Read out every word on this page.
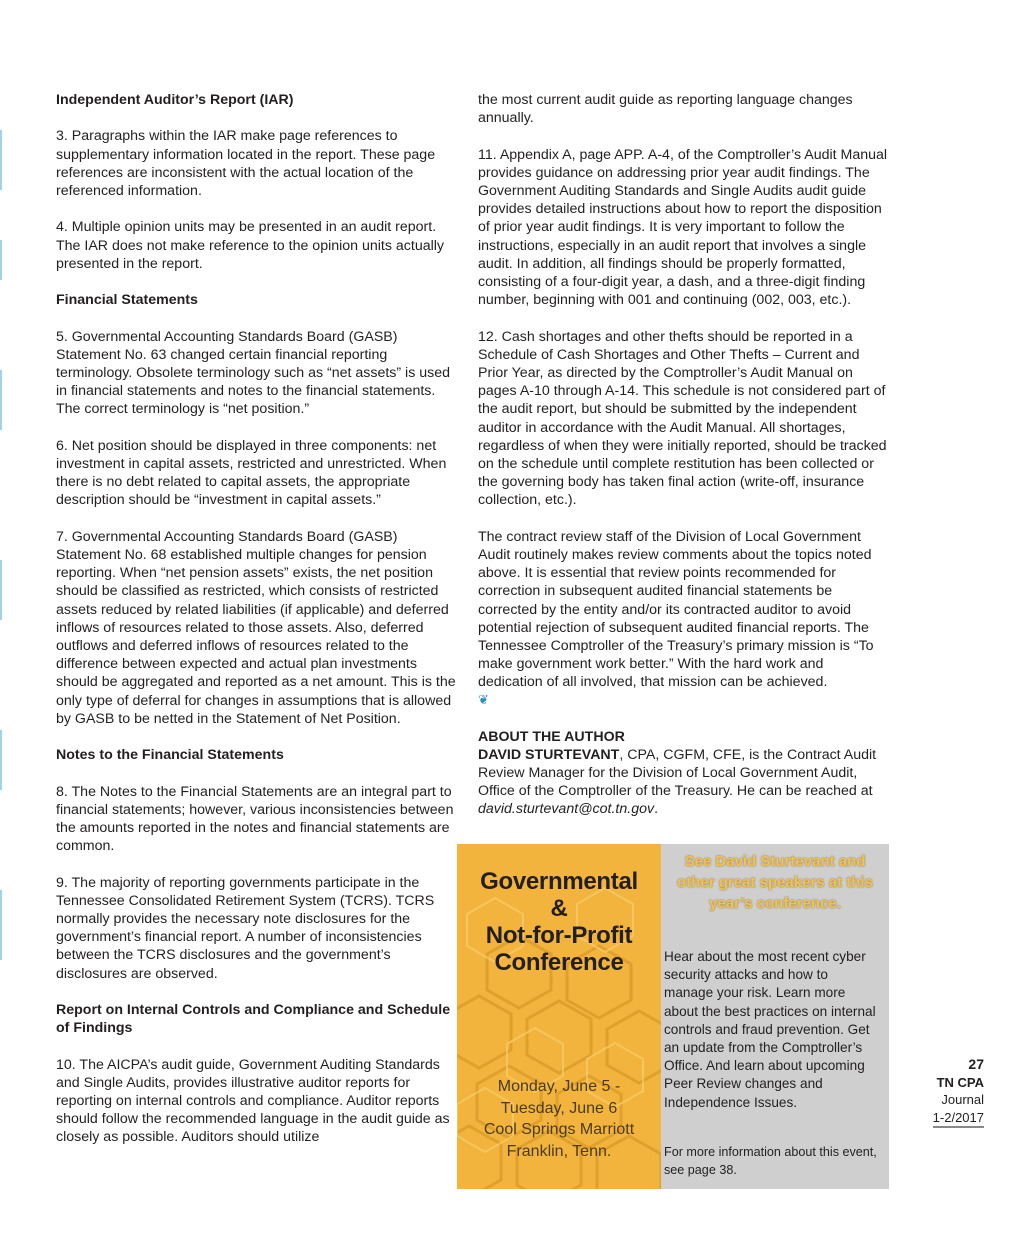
Independent Auditor’s Report (IAR)

3. Paragraphs within the IAR make page references to supplementary information located in the report. These page references are inconsistent with the actual location of the referenced information.

4. Multiple opinion units may be presented in an audit report. The IAR does not make reference to the opinion units actually presented in the report.

Financial Statements

5. Governmental Accounting Standards Board (GASB) Statement No. 63 changed certain financial reporting terminology. Obsolete terminology such as “net assets” is used in financial statements and notes to the financial statements. The correct terminology is “net position.”

6. Net position should be displayed in three components: net investment in capital assets, restricted and unrestricted. When there is no debt related to capital assets, the appropriate description should be “investment in capital assets.”

7. Governmental Accounting Standards Board (GASB) Statement No. 68 established multiple changes for pension reporting. When “net pension assets” exists, the net position should be classified as restricted, which consists of restricted assets reduced by related liabilities (if applicable) and deferred inflows of resources related to those assets. Also, deferred outflows and deferred inflows of resources related to the difference between expected and actual plan investments should be aggregated and reported as a net amount. This is the only type of deferral for changes in assumptions that is allowed by GASB to be netted in the Statement of Net Position.

Notes to the Financial Statements

8. The Notes to the Financial Statements are an integral part to financial statements; however, various inconsistencies between the amounts reported in the notes and financial statements are common.

9. The majority of reporting governments participate in the Tennessee Consolidated Retirement System (TCRS). TCRS normally provides the necessary note disclosures for the government’s financial report. A number of inconsistencies between the TCRS disclosures and the government’s disclosures are observed.

Report on Internal Controls and Compliance and Schedule of Findings

10. The AICPA’s audit guide, Government Auditing Standards and Single Audits, provides illustrative auditor reports for reporting on internal controls and compliance. Auditor reports should follow the recommended language in the audit guide as closely as possible. Auditors should utilize

the most current audit guide as reporting language changes annually.

11. Appendix A, page APP. A-4, of the Comptroller’s Audit Manual provides guidance on addressing prior year audit findings. The Government Auditing Standards and Single Audits audit guide provides detailed instructions about how to report the disposition of prior year audit findings. It is very important to follow the instructions, especially in an audit report that involves a single audit. In addition, all findings should be properly formatted, consisting of a four-digit year, a dash, and a three-digit finding number, beginning with 001 and continuing (002, 003, etc.).

12. Cash shortages and other thefts should be reported in a Schedule of Cash Shortages and Other Thefts – Current and Prior Year, as directed by the Comptroller’s Audit Manual on pages A-10 through A-14. This schedule is not considered part of the audit report, but should be submitted by the independent auditor in accordance with the Audit Manual. All shortages, regardless of when they were initially reported, should be tracked on the schedule until complete restitution has been collected or the governing body has taken final action (write-off, insurance collection, etc.).

The contract review staff of the Division of Local Government Audit routinely makes review comments about the topics noted above. It is essential that review points recommended for correction in subsequent audited financial statements be corrected by the entity and/or its contracted auditor to avoid potential rejection of subsequent audited financial reports. The Tennessee Comptroller of the Treasury’s primary mission is “To make government work better.” With the hard work and dedication of all involved, that mission can be achieved.

❦

ABOUT THE AUTHOR

DAVID STURTEVANT, CPA, CGFM, CFE, is the Contract Audit Review Manager for the Division of Local Government Audit, Office of the Comptroller of the Treasury. He can be reached at david.sturtevant@cot.tn.gov.

Governmental
&
Not-for-Profit
Conference
Monday, June 5 -
Tuesday, June 6
Cool Springs Marriott
Franklin, Tenn.
See David Sturtevant and other great speakers at this year’s conference.
Hear about the most recent cyber security attacks and how to manage your risk. Learn more about the best practices on internal controls and fraud prevention. Get an update from the Comptroller’s Office. And learn about upcoming Peer Review changes and Independence Issues.
For more information about this event, see page 38.
27
TN CPA
Journal
1-2/2017
